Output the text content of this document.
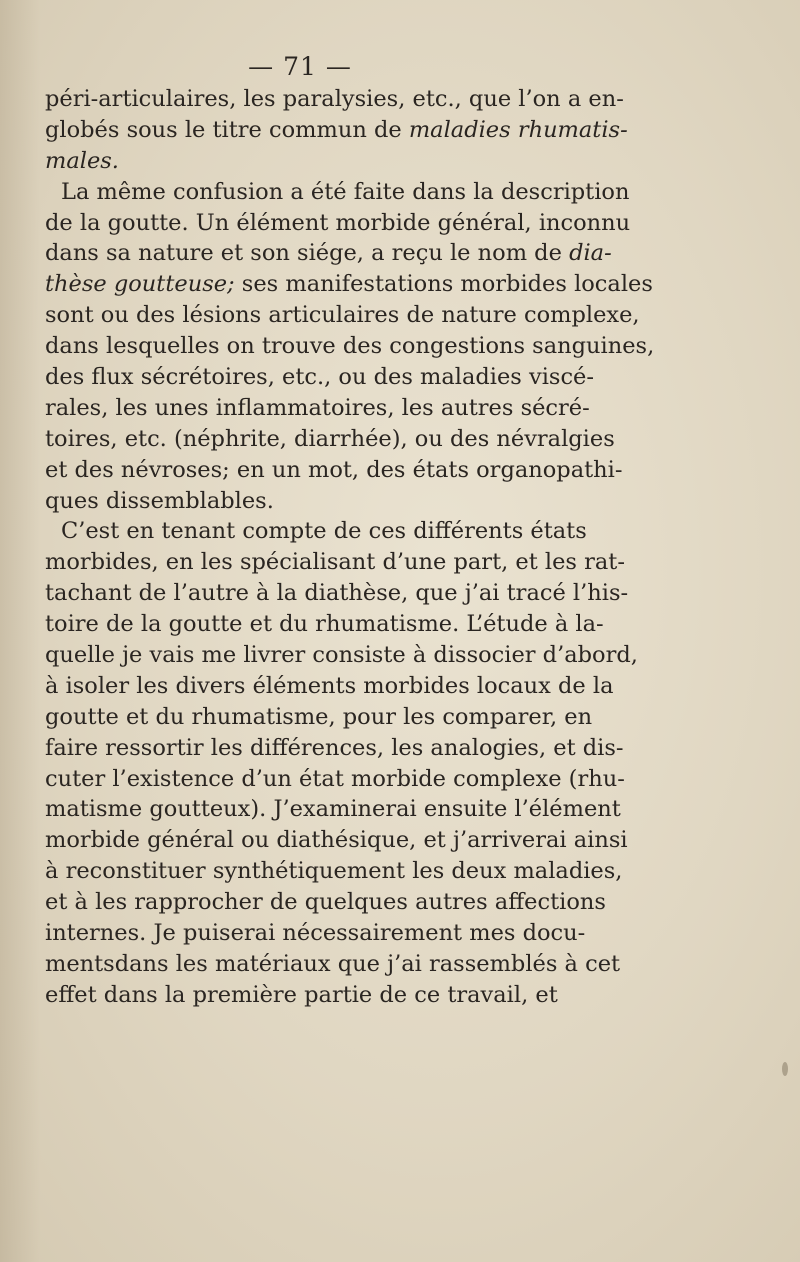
— 71 —
péri-articulaires, les paralysies, etc., que l’on a en-
globés sous le titre commun de maladies rhumatis-
males.
La même confusion a été faite dans la description
de la goutte. Un élément morbide général, inconnu
dans sa nature et son siége, a reçu le nom de dia-
thèse goutteuse; ses manifestations morbides locales
sont ou des lésions articulaires de nature complexe,
dans lesquelles on trouve des congestions sanguines,
des flux sécrétoires, etc., ou des maladies viscé-
rales, les unes inflammatoires, les autres sécré-
toires, etc. (néphrite, diarrhée), ou des névralgies
et des névroses; en un mot, des états organopathi-
ques dissemblables.
C’est en tenant compte de ces différents états
morbides, en les spécialisant d’une part, et les rat-
tachant de l’autre à la diathèse, que j’ai tracé l’his-
toire de la goutte et du rhumatisme. L’étude à la-
quelle je vais me livrer consiste à dissocier d’abord,
à isoler les divers éléments morbides locaux de la
goutte et du rhumatisme, pour les comparer, en
faire ressortir les différences, les analogies, et dis-
cuter l’existence d’un état morbide complexe (rhu-
matisme goutteux). J’examinerai ensuite l’élément
morbide général ou diathésique, et j’arriverai ainsi
à reconstituer synthétiquement les deux maladies,
et à les rapprocher de quelques autres affections
internes. Je puiserai nécessairement mes docu-
mentsdans les matériaux que j’ai rassemblés à cet
effet dans la première partie de ce travail, et
